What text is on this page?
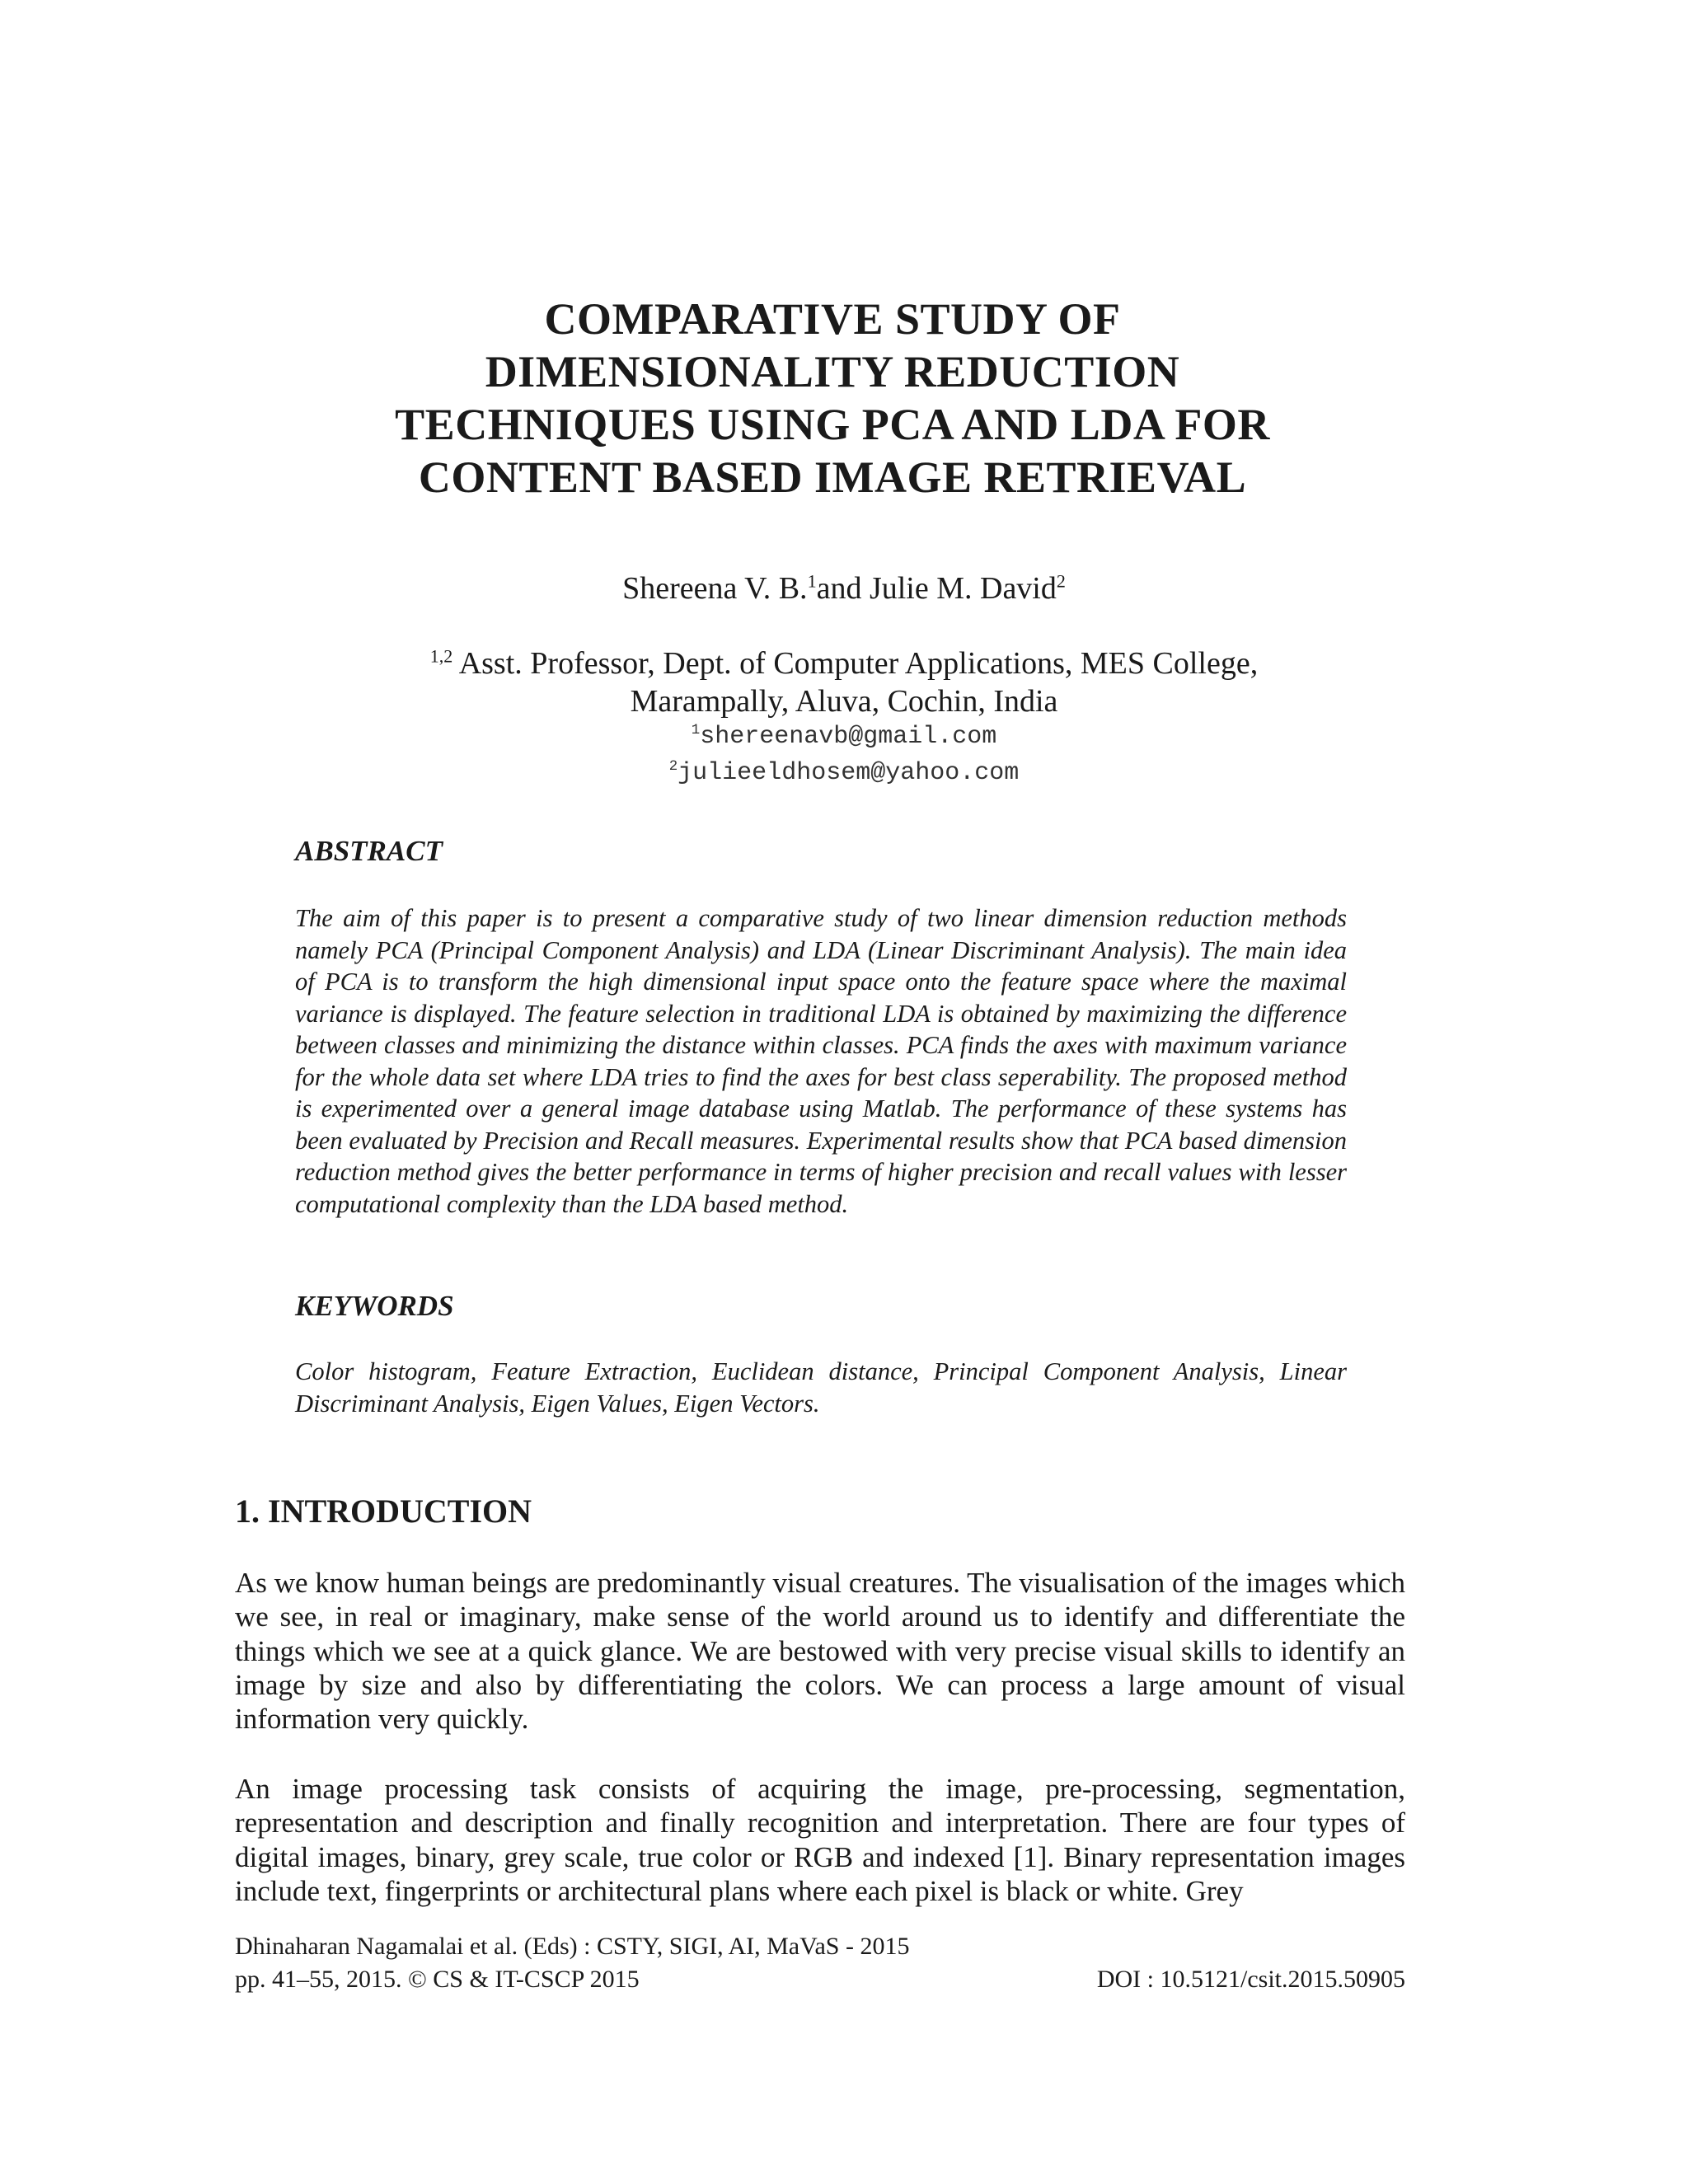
COMPARATIVE STUDY OF
DIMENSIONALITY REDUCTION
TECHNIQUES USING PCA AND LDA FOR
CONTENT BASED IMAGE RETRIEVAL
Shereena V. B.$^1$and Julie M. David$^2$
$^{1,2}$ Asst. Professor, Dept. of Computer Applications, MES College,
Marampally, Aluva, Cochin, India
$^1$shereenavb@gmail.com
$^2$julieeldhosem@yahoo.com
ABSTRACT
The aim of this paper is to present a comparative study of two linear dimension reduction methods namely PCA (Principal Component Analysis) and LDA (Linear Discriminant Analysis). The main idea of PCA is to transform the high dimensional input space onto the feature space where the maximal variance is displayed. The feature selection in traditional LDA is obtained by maximizing the difference between classes and minimizing the distance within classes. PCA finds the axes with maximum variance for the whole data set where LDA tries to find the axes for best class seperability. The proposed method is experimented over a general image database using Matlab. The performance of these systems has been evaluated by Precision and Recall measures. Experimental results show that PCA based dimension reduction method gives the better performance in terms of higher precision and recall values with lesser computational complexity than the LDA based method.
KEYWORDS
Color histogram, Feature Extraction, Euclidean distance, Principal Component Analysis, Linear Discriminant Analysis, Eigen Values, Eigen Vectors.
1. INTRODUCTION
As we know human beings are predominantly visual creatures. The visualisation of the images which we see, in real or imaginary, make sense of the world around us to identify and differentiate the things which we see at a quick glance. We are bestowed with very precise visual skills to identify an image by size and also by differentiating the colors. We can process a large amount of visual information very quickly.
An image processing task consists of acquiring the image, pre-processing, segmentation, representation and description and finally recognition and interpretation. There are four types of digital images, binary, grey scale, true color or RGB and indexed [1]. Binary representation images include text, fingerprints or architectural plans where each pixel is black or white. Grey
Dhinaharan Nagamalai et al. (Eds) : CSTY, SIGI, AI, MaVaS - 2015
pp. 41–55, 2015. © CS & IT-CSCP 2015	DOI : 10.5121/csit.2015.50905
